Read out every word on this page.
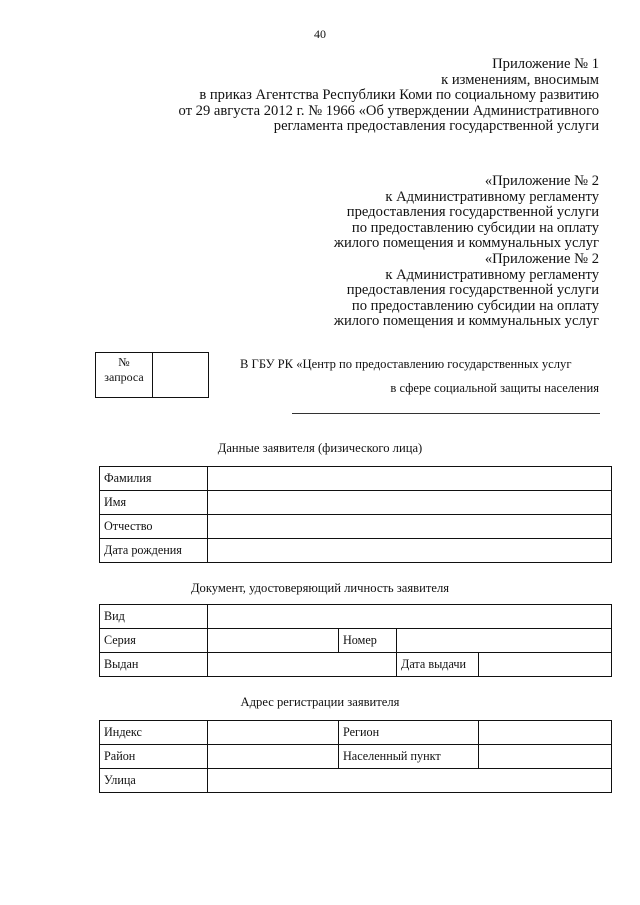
40
Приложение № 1
к изменениям, вносимым
в приказ Агентства Республики Коми по социальному развитию
от 29 августа 2012 г. № 1966 «Об утверждении Административного
регламента предоставления государственной услуги
«Приложение № 2
к Административному регламенту
предоставления государственной услуги
по предоставлению субсидии на оплату
жилого помещения и коммунальных услуг
«Приложение № 2
к Административному регламенту
предоставления государственной услуги
по предоставлению субсидии на оплату
жилого помещения и коммунальных услуг
№
запроса
В ГБУ РК «Центр по предоставлению государственных услуг
в сфере социальной защиты населения
Данные заявителя (физического лица)
Фамилия	
Имя	
Отчество	
Дата рождения	
Документ, удостоверяющий личность заявителя
Вид				
Серия		Номер		
Выдан			Дата выдачи	
Адрес регистрации заявителя
Индекс		Регион	
Район		Населенный пункт	
Улица			
